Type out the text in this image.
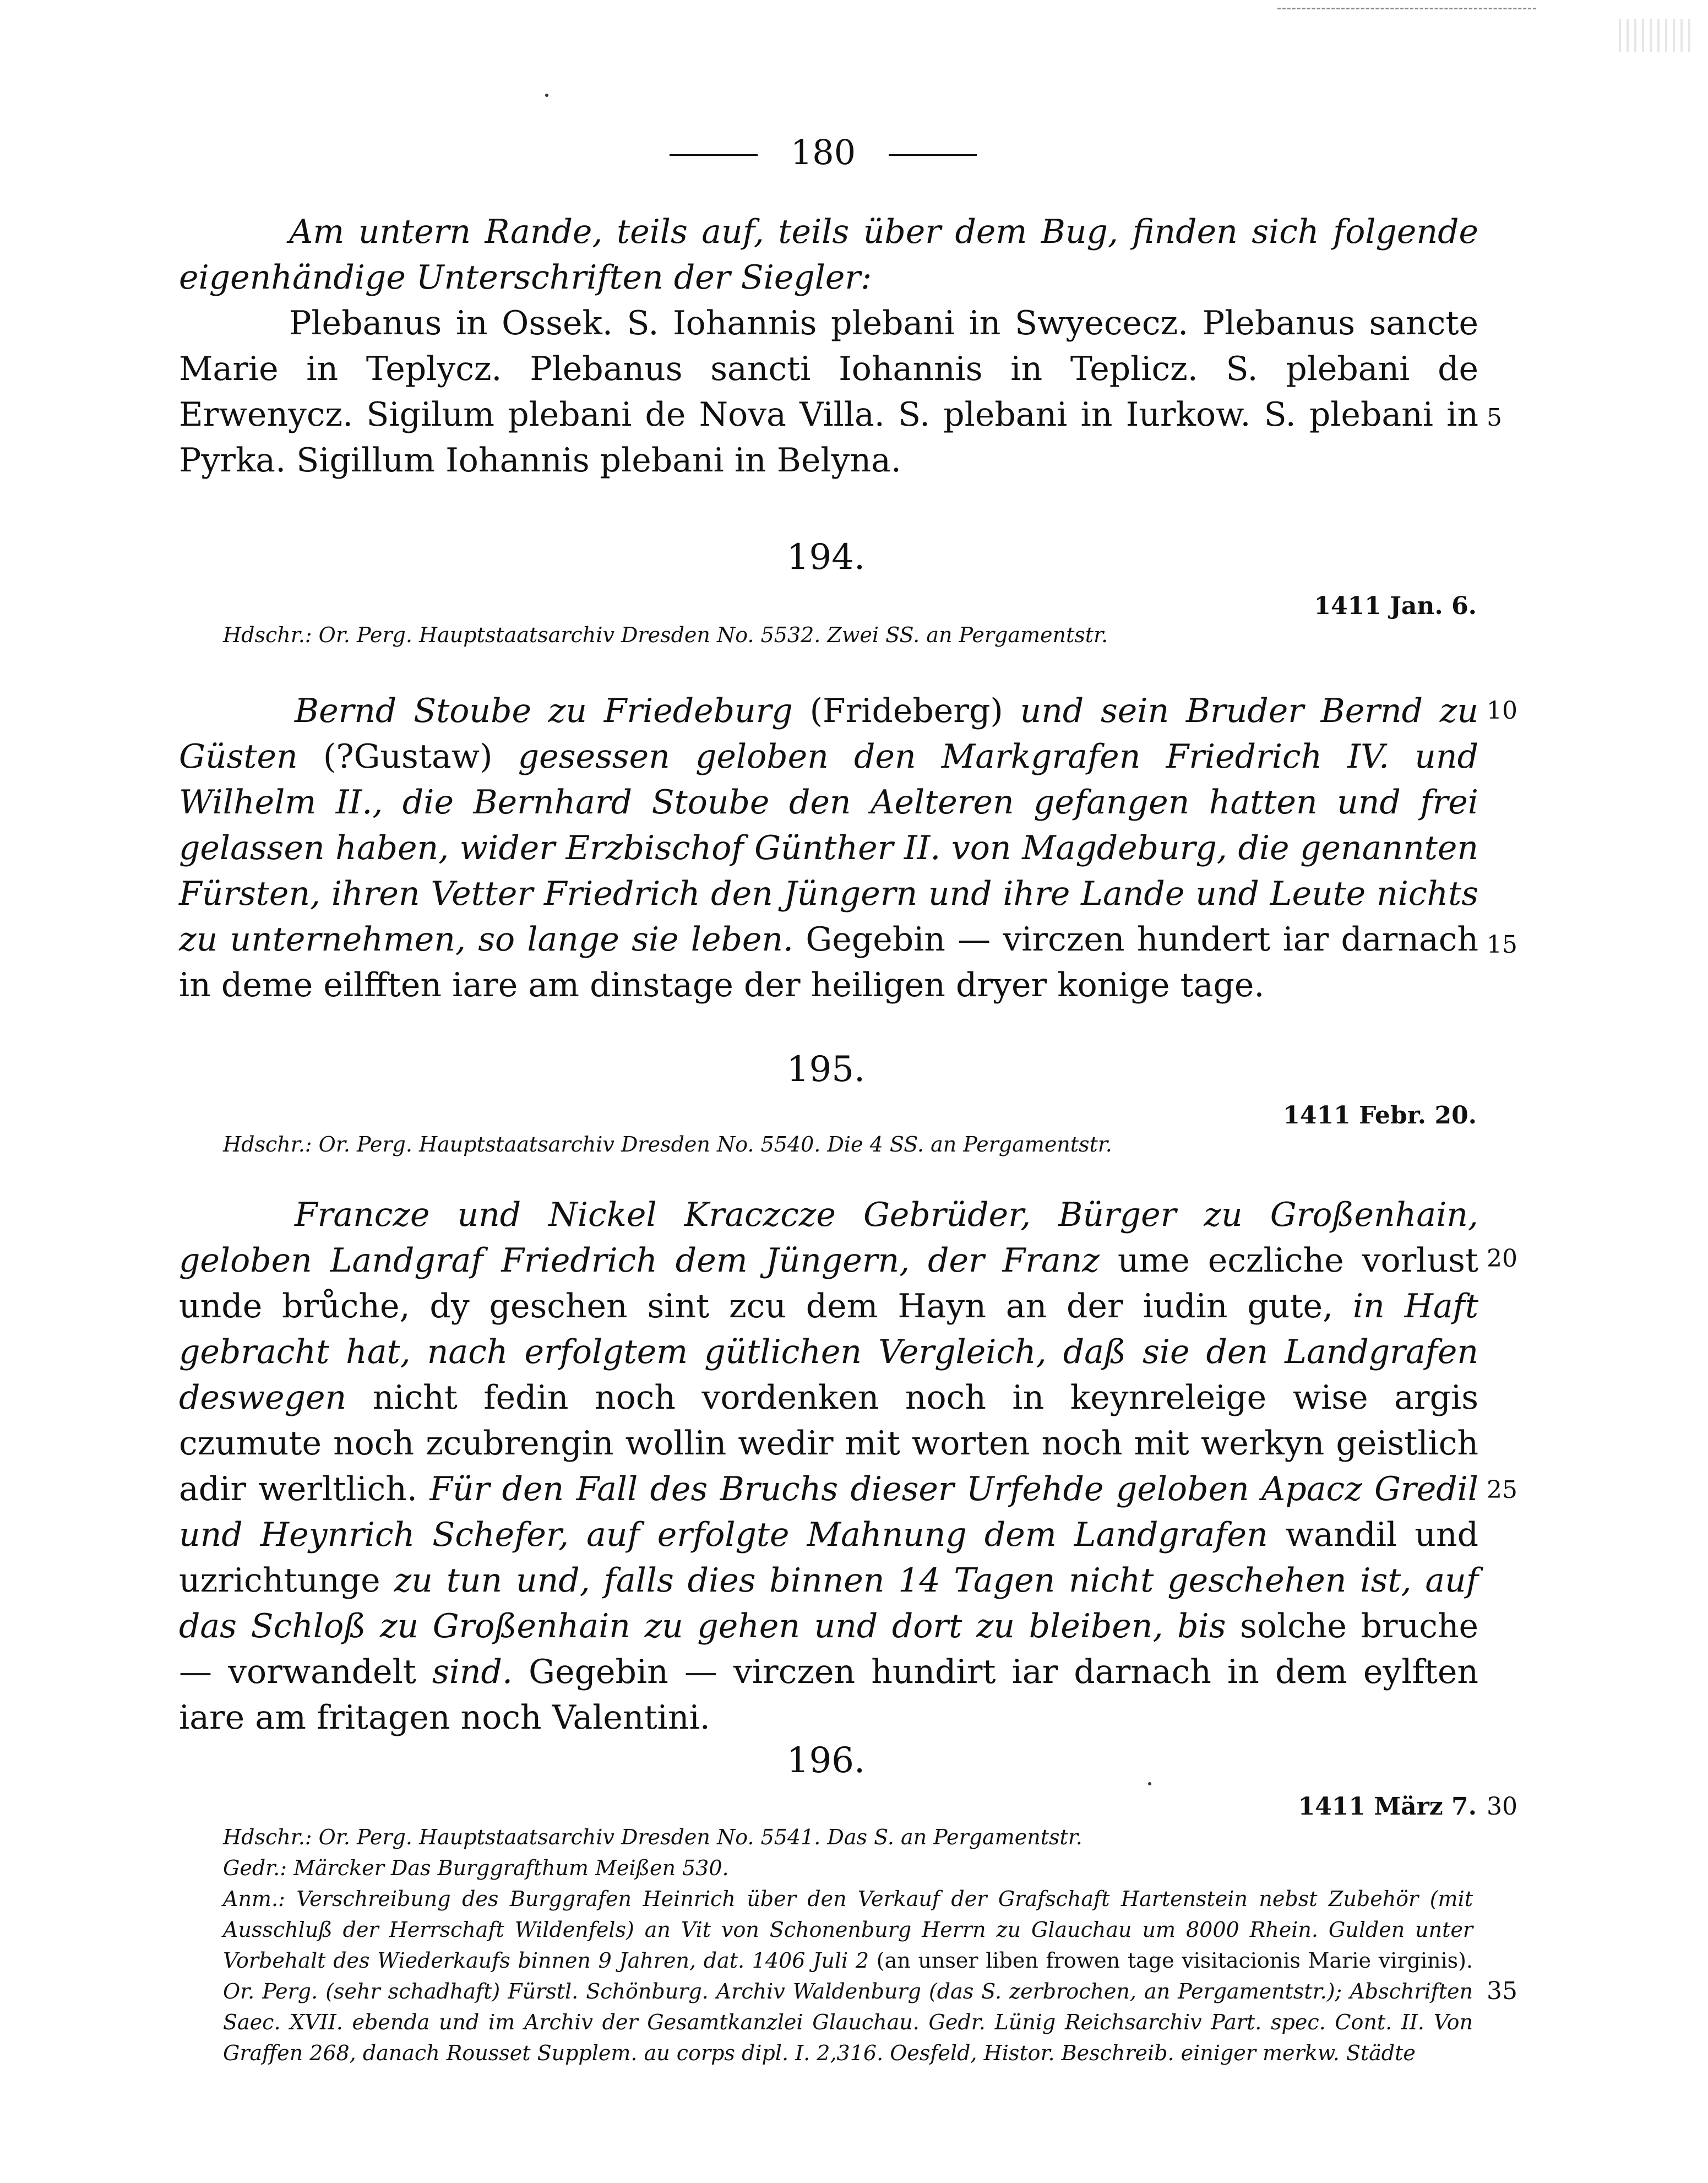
180

Am untern Rande, teils auf, teils über dem Bug, finden sich folgende eigenhändige Unterschriften der Siegler:

Plebanus in Ossek. S. Iohannis plebani in Swyececz. Plebanus sancte Marie in Teplycz. Plebanus sancti Iohannis in Teplicz. S. plebani de Erwenycz. Sigilum plebani de Nova Villa. S. plebani in Iurkow. S. plebani in Pyrka. Sigillum Iohannis plebani in Belyna.

5
194.
1411 Jan. 6.
Hdschr.: Or. Perg. Hauptstaatsarchiv Dresden No. 5532. Zwei SS. an Pergamentstr.

Bernd Stoube zu Friedeburg (Frideberg) und sein Bruder Bernd zu Güsten (?Gustaw) gesessen geloben den Markgrafen Friedrich IV. und Wilhelm II., die Bernhard Stoube den Aelteren gefangen hatten und frei gelassen haben, wider Erzbischof Günther II. von Magdeburg, die genannten Fürsten, ihren Vetter Friedrich den Jüngern und ihre Lande und Leute nichts zu unternehmen, so lange sie leben. Gegebin — virczen hundert iar darnach in deme eilfften iare am dinstage der heiligen dryer konige tage.

10
15
195.
1411 Febr. 20.
Hdschr.: Or. Perg. Hauptstaatsarchiv Dresden No. 5540. Die 4 SS. an Pergamentstr.

Francze und Nickel Kraczcze Gebrüder, Bürger zu Großenhain, geloben Landgraf Friedrich dem Jüngern, der Franz ume eczliche vorlust unde brůche, dy geschen sint zcu dem Hayn an der iudin gute, in Haft gebracht hat, nach erfolgtem gütlichen Vergleich, daß sie den Landgrafen deswegen nicht fedin noch vordenken noch in keynreleige wise argis czumute noch zcubrengin wollin wedir mit worten noch mit werkyn geistlich adir werltlich. Für den Fall des Bruchs dieser Urfehde geloben Apacz Gredil und Heynrich Schefer, auf erfolgte Mahnung dem Landgrafen wandil und uzrichtunge zu tun und, falls dies binnen 14 Tagen nicht geschehen ist, auf das Schloß zu Großenhain zu gehen und dort zu bleiben, bis solche bruche — vorwandelt sind. Gegebin — virczen hundirt iar darnach in dem eylften iare am fritagen noch Valentini.

20
25
196.
1411 März 7. 30

Hdschr.: Or. Perg. Hauptstaatsarchiv Dresden No. 5541. Das S. an Pergamentstr.

Gedr.: Märcker Das Burggrafthum Meißen 530.

Anm.: Verschreibung des Burggrafen Heinrich über den Verkauf der Grafschaft Hartenstein nebst Zubehör (mit Ausschluß der Herrschaft Wildenfels) an Vit von Schonenburg Herrn zu Glauchau um 8000 Rhein. Gulden unter Vorbehalt des Wiederkaufs binnen 9 Jahren, dat. 1406 Juli 2 (an unser liben frowen tage visitacionis Marie virginis). Or. Perg. (sehr schadhaft) Fürstl. Schönburg. Archiv Waldenburg (das S. zerbrochen, an Pergamentstr.); Abschriften Saec. XVII. ebenda und im Archiv der Gesamtkanzlei Glauchau. Gedr. Lünig Reichsarchiv Part. spec. Cont. II. Von Graffen 268, danach Rousset Supplem. au corps dipl. I. 2,316. Oesfeld, Histor. Beschreib. einiger merkw. Städte

35
